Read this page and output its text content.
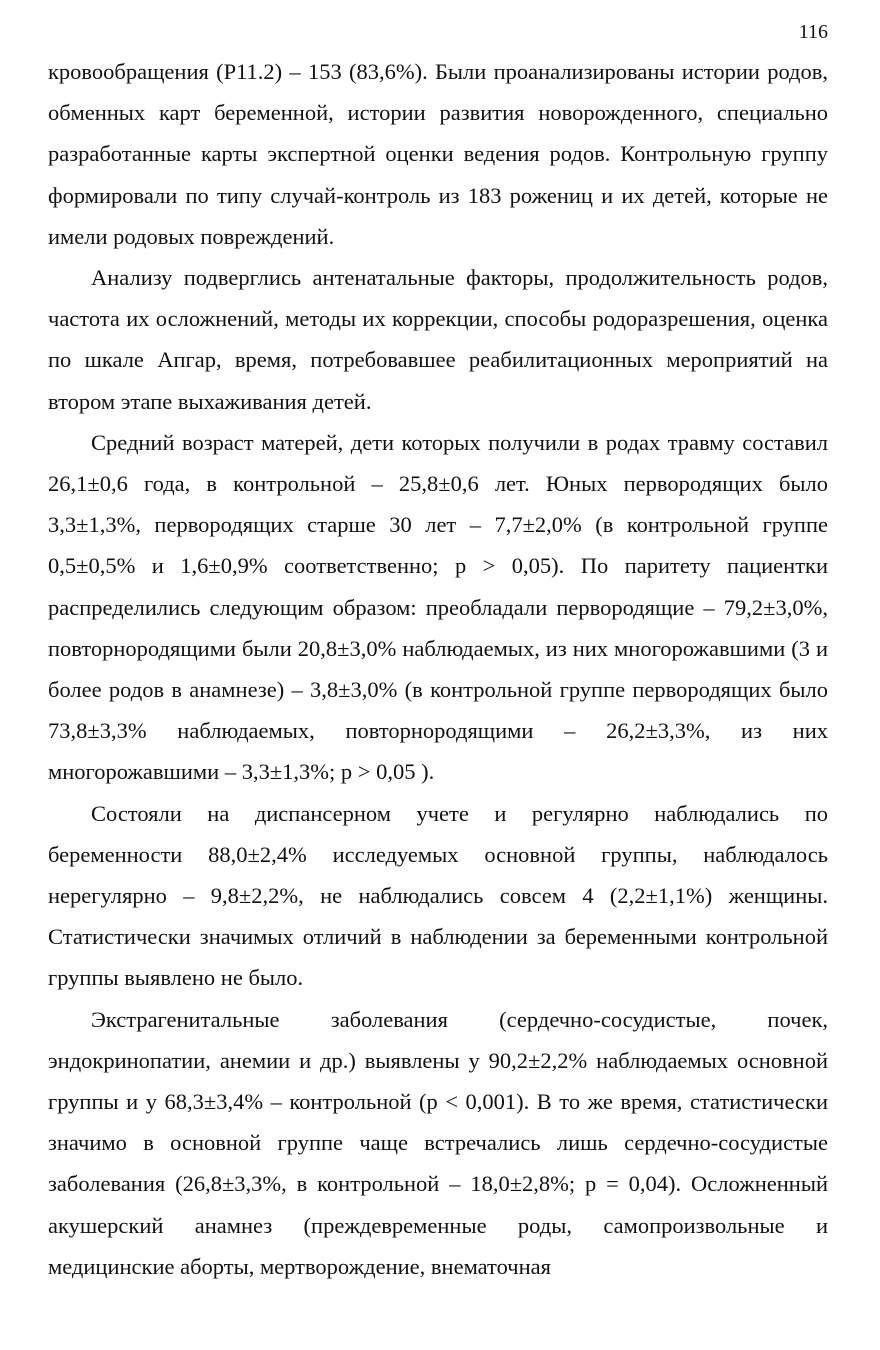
116

кровообращения (Р11.2) – 153 (83,6%). Были проанализированы истории родов, обменных карт беременной, истории развития новорожденного, специально разработанные карты экспертной оценки ведения родов. Контрольную группу формировали по типу случай-контроль из 183 рожениц и их детей, которые не имели родовых повреждений.

Анализу подверглись антенатальные факторы, продолжительность родов, частота их осложнений, методы их коррекции, способы родоразрешения, оценка по шкале Апгар, время, потребовавшее реабилитационных мероприятий на втором этапе выхаживания детей.

Средний возраст матерей, дети которых получили в родах травму составил 26,1±0,6 года, в контрольной – 25,8±0,6 лет. Юных первородящих было 3,3±1,3%, первородящих старше 30 лет – 7,7±2,0% (в контрольной группе 0,5±0,5% и 1,6±0,9% соответственно; р > 0,05). По паритету пациентки распределились следующим образом: преобладали первородящие – 79,2±3,0%, повторнородящими были 20,8±3,0% наблюдаемых, из них многорожавшими (3 и более родов в анамнезе) – 3,8±3,0% (в контрольной группе первородящих было 73,8±3,3% наблюдаемых, повторнородящими – 26,2±3,3%, из них многорожавшими – 3,3±1,3%; р > 0,05 ).

Состояли на диспансерном учете и регулярно наблюдались по беременности 88,0±2,4% исследуемых основной группы, наблюдалось нерегулярно – 9,8±2,2%, не наблюдались совсем 4 (2,2±1,1%) женщины. Статистически значимых отличий в наблюдении за беременными контрольной группы выявлено не было.

Экстрагенитальные заболевания (сердечно-сосудистые, почек, эндокринопатии, анемии и др.) выявлены у 90,2±2,2% наблюдаемых основной группы и у 68,3±3,4% – контрольной (р < 0,001). В то же время, статистически значимо в основной группе чаще встречались лишь сердечно-сосудистые заболевания (26,8±3,3%, в контрольной – 18,0±2,8%; р = 0,04). Осложненный акушерский анамнез (преждевременные роды, самопроизвольные и медицинские аборты, мертворождение, внематочная
